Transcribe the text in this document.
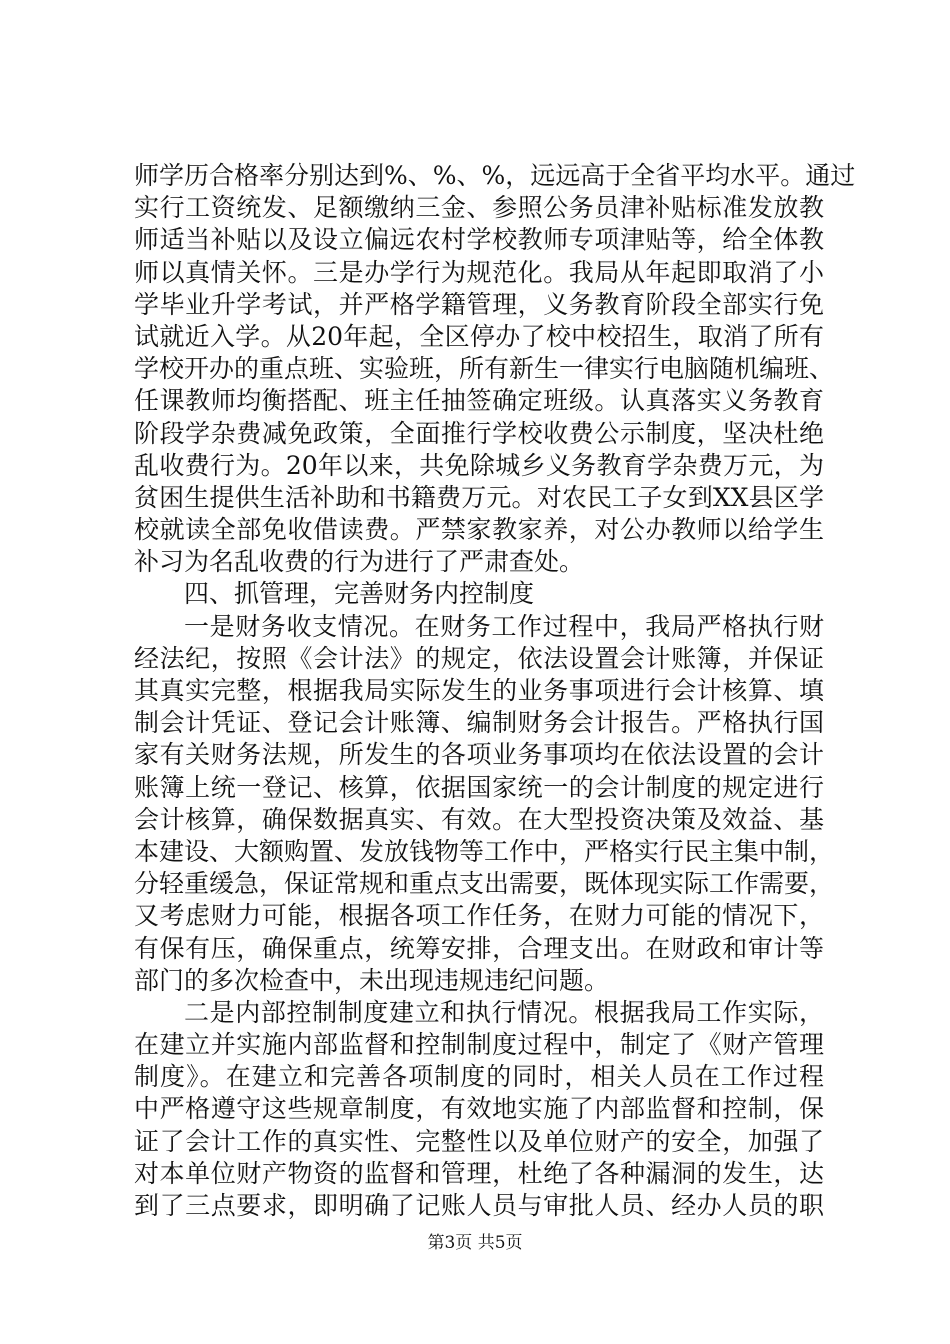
师学历合格率分别达到%、%、%，远远高于全省平均水平。通过
实行工资统发、足额缴纳三金、参照公务员津补贴标准发放教
师适当补贴以及设立偏远农村学校教师专项津贴等，给全体教
师以真情关怀。三是办学行为规范化。我局从年起即取消了小
学毕业升学考试，并严格学籍管理，义务教育阶段全部实行免
试就近入学。从20年起，全区停办了校中校招生，取消了所有
学校开办的重点班、实验班，所有新生一律实行电脑随机编班、
任课教师均衡搭配、班主任抽签确定班级。认真落实义务教育
阶段学杂费减免政策，全面推行学校收费公示制度，坚决杜绝
乱收费行为。20年以来，共免除城乡义务教育学杂费万元，为
贫困生提供生活补助和书籍费万元。对农民工子女到XX县区学
校就读全部免收借读费。严禁家教家养，对公办教师以给学生
补习为名乱收费的行为进行了严肃查处。
四、抓管理，完善财务内控制度
一是财务收支情况。在财务工作过程中，我局严格执行财
经法纪，按照《会计法》的规定，依法设置会计账簿，并保证
其真实完整，根据我局实际发生的业务事项进行会计核算、填
制会计凭证、登记会计账簿、编制财务会计报告。严格执行国
家有关财务法规，所发生的各项业务事项均在依法设置的会计
账簿上统一登记、核算，依据国家统一的会计制度的规定进行
会计核算，确保数据真实、有效。在大型投资决策及效益、基
本建设、大额购置、发放钱物等工作中，严格实行民主集中制，
分轻重缓急，保证常规和重点支出需要，既体现实际工作需要，
又考虑财力可能，根据各项工作任务，在财力可能的情况下，
有保有压，确保重点，统筹安排，合理支出。在财政和审计等
部门的多次检查中，未出现违规违纪问题。
二是内部控制制度建立和执行情况。根据我局工作实际，
在建立并实施内部监督和控制制度过程中，制定了《财产管理
制度》。在建立和完善各项制度的同时，相关人员在工作过程
中严格遵守这些规章制度，有效地实施了内部监督和控制，保
证了会计工作的真实性、完整性以及单位财产的安全，加强了
对本单位财产物资的监督和管理，杜绝了各种漏洞的发生，达
到了三点要求，即明确了记账人员与审批人员、经办人员的职
第3页 共5页
